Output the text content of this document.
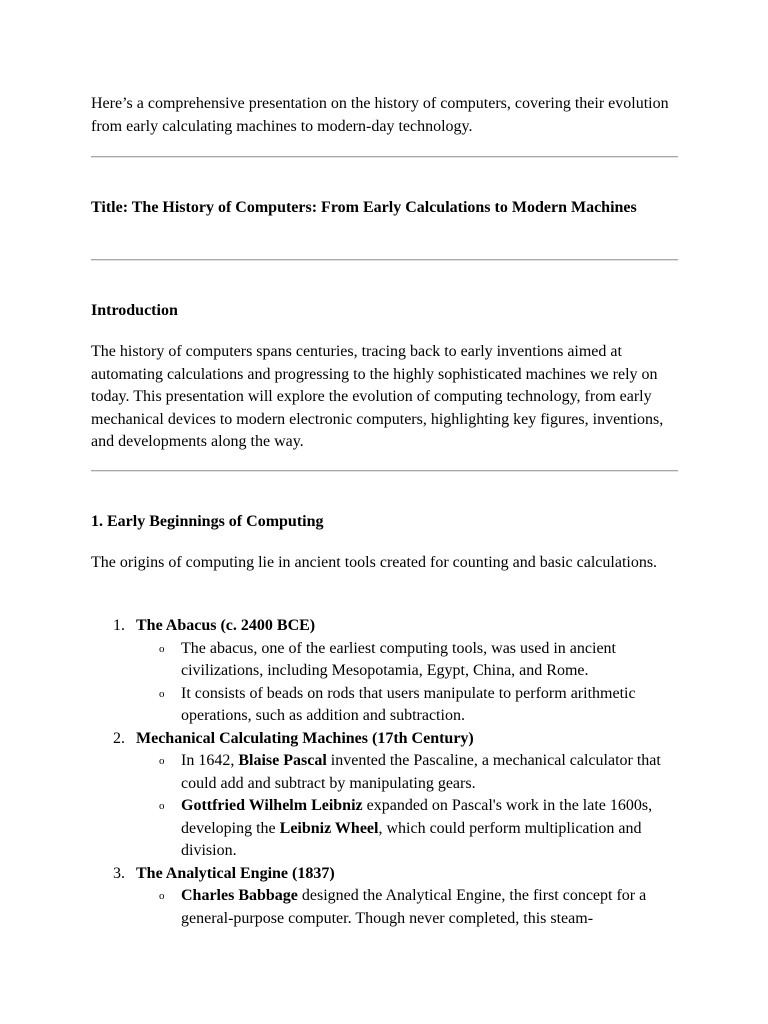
Here’s a comprehensive presentation on the history of computers, covering their evolution from early calculating machines to modern-day technology.

Title: The History of Computers: From Early Calculations to Modern Machines
Introduction

The history of computers spans centuries, tracing back to early inventions aimed at automating calculations and progressing to the highly sophisticated machines we rely on today. This presentation will explore the evolution of computing technology, from early mechanical devices to modern electronic computers, highlighting key figures, inventions, and developments along the way.

1. Early Beginnings of Computing

The origins of computing lie in ancient tools created for counting and basic calculations.

1. The Abacus (c. 2400 BCE)
o The abacus, one of the earliest computing tools, was used in ancient civilizations, including Mesopotamia, Egypt, China, and Rome.
o It consists of beads on rods that users manipulate to perform arithmetic operations, such as addition and subtraction.
2. Mechanical Calculating Machines (17th Century)
o In 1642, Blaise Pascal invented the Pascaline, a mechanical calculator that could add and subtract by manipulating gears.
o Gottfried Wilhelm Leibniz expanded on Pascal's work in the late 1600s, developing the Leibniz Wheel, which could perform multiplication and division.
3. The Analytical Engine (1837)
o Charles Babbage designed the Analytical Engine, the first concept for a general-purpose computer. Though never completed, this steam-
